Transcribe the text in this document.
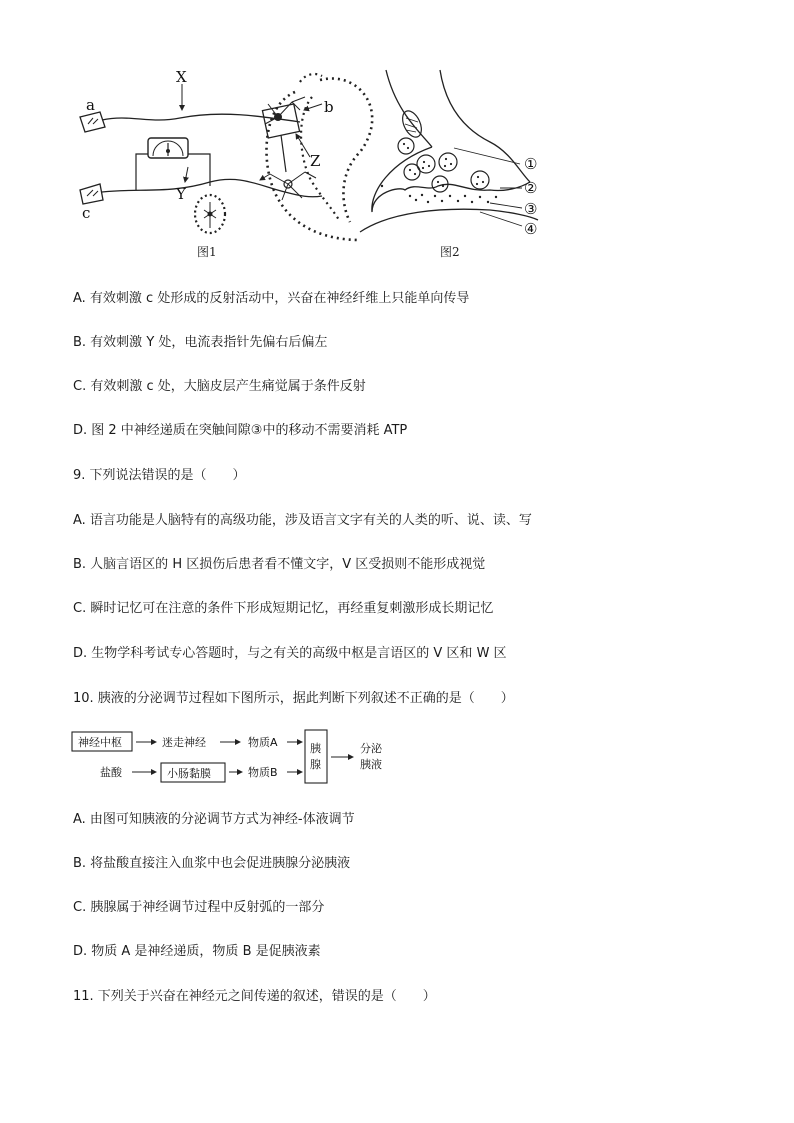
X
a
c
Y
b
Z
图1
①
②
③
④
图2
A. 有效刺激 c 处形成的反射活动中，兴奋在神经纤维上只能单向传导
B. 有效刺激 Y 处，电流表指针先偏右后偏左
C. 有效刺激 c 处，大脑皮层产生痛觉属于条件反射
D. 图 2 中神经递质在突触间隙③中的移动不需要消耗 ATP
9. 下列说法错误的是（　　）
A. 语言功能是人脑特有的高级功能，涉及语言文字有关的人类的听、说、读、写
B. 人脑言语区的 H 区损伤后患者看不懂文字，V 区受损则不能形成视觉
C. 瞬时记忆可在注意的条件下形成短期记忆，再经重复刺激形成长期记忆
D. 生物学科考试专心答题时，与之有关的高级中枢是言语区的 V 区和 W 区
10. 胰液的分泌调节过程如下图所示，据此判断下列叙述不正确的是（　　）
神经中枢	迷走神经	物质A
盐酸	小肠黏膜	物质B
胰
腺
分泌
胰液
A. 由图可知胰液的分泌调节方式为神经-体液调节
B. 将盐酸直接注入血浆中也会促进胰腺分泌胰液
C. 胰腺属于神经调节过程中反射弧的一部分
D. 物质 A 是神经递质，物质 B 是促胰液素
11. 下列关于兴奋在神经元之间传递的叙述，错误的是（　　）
